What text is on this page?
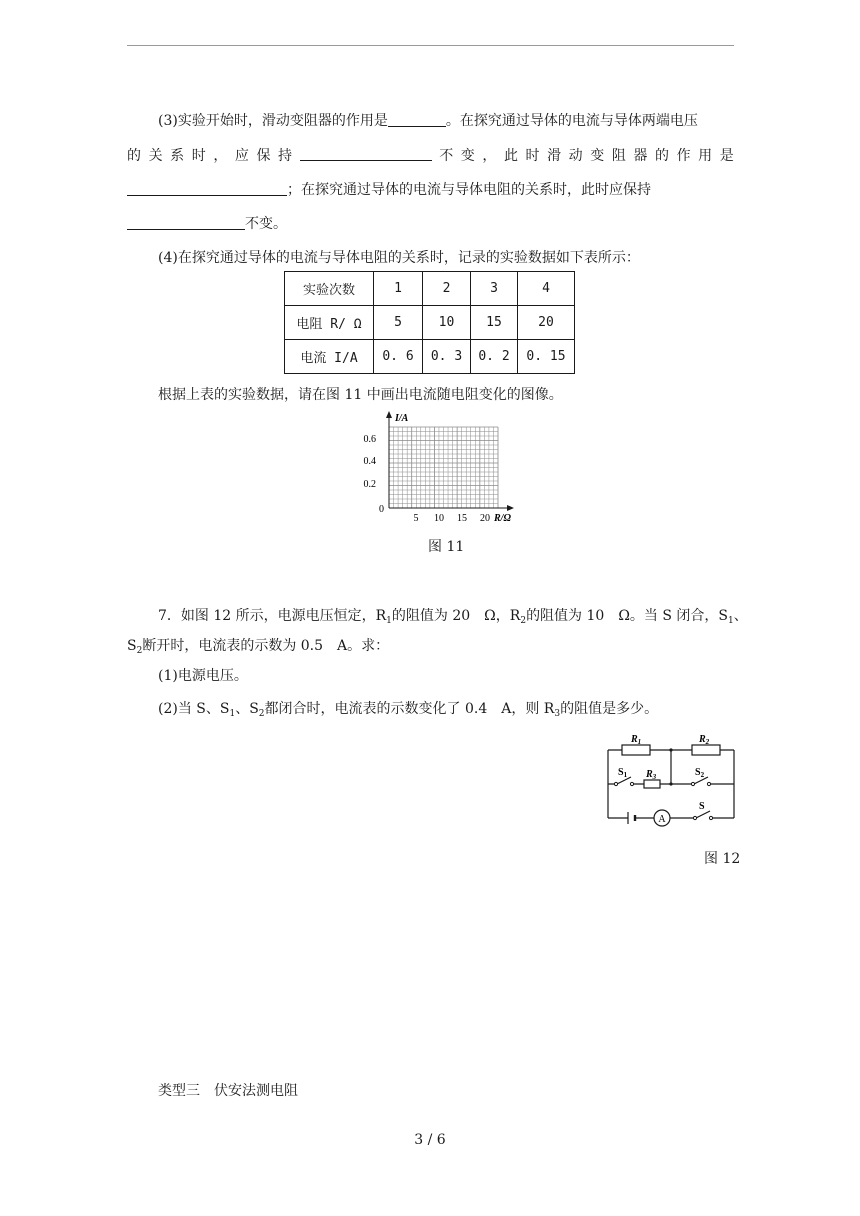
(3)实验开始时，滑动变阻器的作用是	。在探究通过导体的电流与导体两端电压
的 关 系 时 ， 应 保 持	不 变 ， 此 时 滑 动 变 阻 器 的 作 用 是
；在探究通过导体的电流与导体电阻的关系时，此时应保持
不变。
(4)在探究通过导体的电流与导体电阻的关系时，记录的实验数据如下表所示：
实验次数	1	2	3	4
电阻 R/ Ω	5	10	15	20
电流 I/A	0. 6	0. 3	0. 2	0. 15
根据上表的实验数据，请在图 11 中画出电流随电阻变化的图像。
I/A
0.6
0.4
0.2
0
5 10 15 20 R/Ω
图 11
7．如图 12 所示，电源电压恒定，$R_1$的阻值为 20　Ω，$R_2$的阻值为 10　Ω。当 S 闭合，$S_1$、
$S_2$断开时，电流表的示数为 0.5　A。求：
(1)电源电压。
(2)当 S、$S_1$、$S_2$都闭合时，电流表的示数变化了 0.4　A，则 $R_3$的阻值是多少。
$R_1$	$R_2$
$R_3$
$S_1$	$S_2$
S
A
图 12
类型三　伏安法测电阻
3 / 6
